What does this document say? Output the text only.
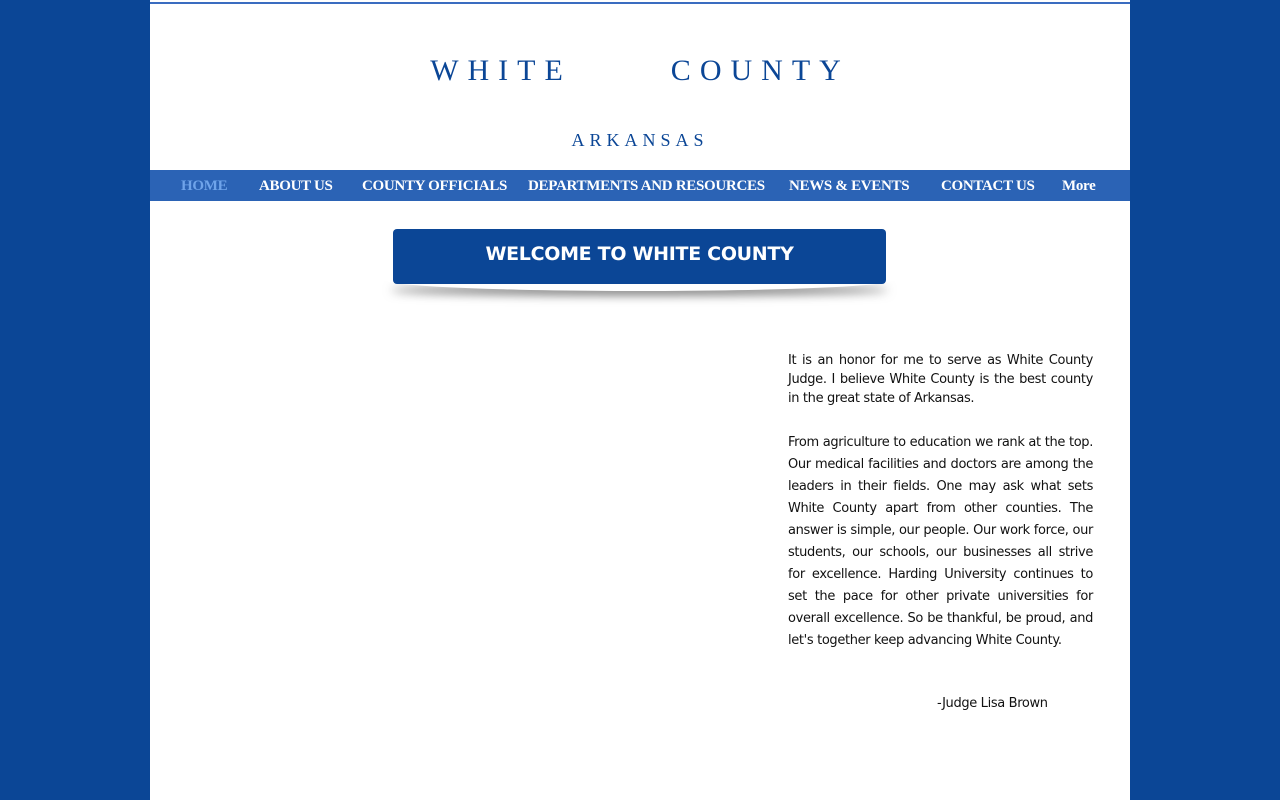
WHITE      COUNTY
ARKANSAS
HOME ABOUT US COUNTY OFFICIALS DEPARTMENTS AND RESOURCES NEWS & EVENTS CONTACT US More
WELCOME TO WHITE COUNTY

It is an honor for me to serve as White County Judge. I believe White County is the best county in the great state of Arkansas.

From agriculture to education we rank at the top. Our medical facilities and doctors are among the leaders in their fields. One may ask what sets White County apart from other counties. The answer is simple, our people. Our work force, our students, our schools, our businesses all strive for excellence. Harding University continues to set the pace for other private universities for overall excellence. So be thankful, be proud, and let's together keep advancing White County.

-Judge Lisa Brown
